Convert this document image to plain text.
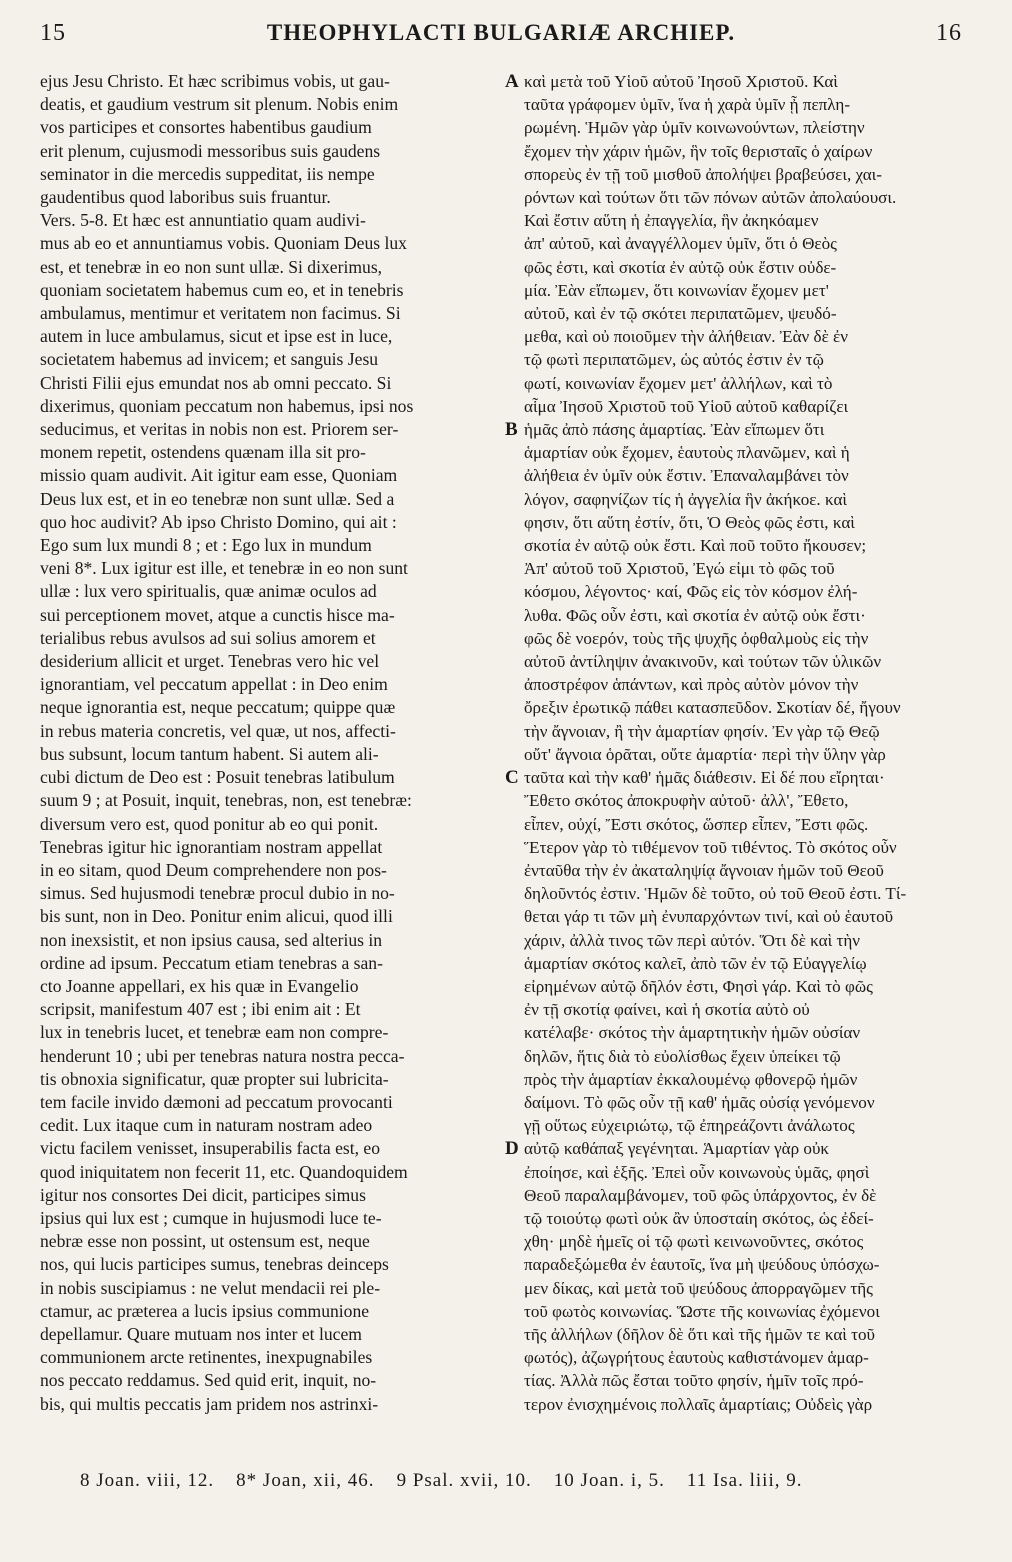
15	THEOPHYLACTI BULGARIÆ ARCHIEP.	16
ejus Jesu Christo. Et hæc scribimus vobis, ut gau-
deatis, et gaudium vestrum sit plenum. Nobis enim
vos participes et consortes habentibus gaudium
erit plenum, cujusmodi messoribus suis gaudens
seminator in die mercedis suppeditat, iis nempe
gaudentibus quod laboribus suis fruantur.
Vers. 5-8. Et hæc est annuntiatio quam audivi-
mus ab eo et annuntiamus vobis. Quoniam Deus lux
est, et tenebræ in eo non sunt ullæ. Si dixerimus,
quoniam societatem habemus cum eo, et in tenebris
ambulamus, mentimur et veritatem non facimus. Si
autem in luce ambulamus, sicut et ipse est in luce,
societatem habemus ad invicem; et sanguis Jesu
Christi Filii ejus emundat nos ab omni peccato. Si
dixerimus, quoniam peccatum non habemus, ipsi nos
seducimus, et veritas in nobis non est. Priorem ser-
monem repetit, ostendens quænam illa sit pro-
missio quam audivit. Ait igitur eam esse, Quoniam
Deus lux est, et in eo tenebræ non sunt ullæ. Sed a
quo hoc audivit? Ab ipso Christo Domino, qui ait :
Ego sum lux mundi 8 ; et : Ego lux in mundum
veni 8*. Lux igitur est ille, et tenebræ in eo non sunt
ullæ : lux vero spiritualis, quæ animæ oculos ad
sui perceptionem movet, atque a cunctis hisce ma-
terialibus rebus avulsos ad sui solius amorem et
desiderium allicit et urget. Tenebras vero hic vel
ignorantiam, vel peccatum appellat : in Deo enim
neque ignorantia est, neque peccatum; quippe quæ
in rebus materia concretis, vel quæ, ut nos, affecti-
bus subsunt, locum tantum habent. Si autem ali-
cubi dictum de Deo est : Posuit tenebras latibulum
suum 9 ; at Posuit, inquit, tenebras, non, est tenebræ:
diversum vero est, quod ponitur ab eo qui ponit.
Tenebras igitur hic ignorantiam nostram appellat
in eo sitam, quod Deum comprehendere non pos-
simus. Sed hujusmodi tenebræ procul dubio in no-
bis sunt, non in Deo. Ponitur enim alicui, quod illi
non inexsistit, et non ipsius causa, sed alterius in
ordine ad ipsum. Peccatum etiam tenebras a san-
cto Joanne appellari, ex his quæ in Evangelio
scripsit, manifestum 407 est ; ibi enim ait : Et
lux in tenebris lucet, et tenebræ eam non compre-
henderunt 10 ; ubi per tenebras natura nostra pecca-
tis obnoxia significatur, quæ propter sui lubricita-
tem facile invido dæmoni ad peccatum provocanti
cedit. Lux itaque cum in naturam nostram adeo
victu facilem venisset, insuperabilis facta est, eo
quod iniquitatem non fecerit 11, etc. Quandoquidem
igitur nos consortes Dei dicit, participes simus
ipsius qui lux est ; cumque in hujusmodi luce te-
nebræ esse non possint, ut ostensum est, neque
nos, qui lucis participes sumus, tenebras deinceps
in nobis suscipiamus : ne velut mendacii rei ple-
ctamur, ac præterea a lucis ipsius communione
depellamur. Quare mutuam nos inter et lucem
communionem arcte retinentes, inexpugnabiles
nos peccato reddamus. Sed quid erit, inquit, no-
bis, qui multis peccatis jam pridem nos astrinxi-
A

B

C

D

καὶ μετὰ τοῦ Υἱοῦ αὐτοῦ Ἰησοῦ Χριστοῦ. Καὶ
ταῦτα γράφομεν ὑμῖν, ἵνα ἡ χαρὰ ὑμῖν ᾖ πεπλη-
ρωμένη. Ἡμῶν γὰρ ὑμῖν κοινωνούντων, πλείστην
ἔχομεν τὴν χάριν ἡμῶν, ἣν τοῖς θερισταῖς ὁ χαίρων
σπορεὺς ἐν τῇ τοῦ μισθοῦ ἀπολήψει βραβεύσει, χαι-
ρόντων καὶ τούτων ὅτι τῶν πόνων αὐτῶν ἀπολαύουσι.
Καὶ ἔστιν αὕτη ἡ ἐπαγγελία, ἣν ἀκηκόαμεν
ἀπ' αὐτοῦ, καὶ ἀναγγέλλομεν ὑμῖν, ὅτι ὁ Θεὸς
φῶς ἐστι, καὶ σκοτία ἐν αὐτῷ οὐκ ἔστιν οὐδε-
μία. Ἐὰν εἴπωμεν, ὅτι κοινωνίαν ἔχομεν μετ'
αὐτοῦ, καὶ ἐν τῷ σκότει περιπατῶμεν, ψευδό-
μεθα, καὶ οὐ ποιοῦμεν τὴν ἀλήθειαν. Ἐὰν δὲ ἐν
τῷ φωτὶ περιπατῶμεν, ὡς αὐτός ἐστιν ἐν τῷ
φωτί, κοινωνίαν ἔχομεν μετ' ἀλλήλων, καὶ τὸ
αἷμα Ἰησοῦ Χριστοῦ τοῦ Υἱοῦ αὐτοῦ καθαρίζει
ἡμᾶς ἀπὸ πάσης ἁμαρτίας. Ἐὰν εἴπωμεν ὅτι
ἁμαρτίαν οὐκ ἔχομεν, ἑαυτοὺς πλανῶμεν, καὶ ἡ
ἀλήθεια ἐν ὑμῖν οὐκ ἔστιν. Ἐπαναλαμβάνει τὸν
λόγον, σαφηνίζων τίς ἡ ἀγγελία ἣν ἀκήκοε. καὶ
φησιν, ὅτι αὕτη ἐστίν, ὅτι, Ὁ Θεὸς φῶς ἐστι, καὶ
σκοτία ἐν αὐτῷ οὐκ ἔστι. Καὶ ποῦ τοῦτο ἤκουσεν;
Ἀπ' αὐτοῦ τοῦ Χριστοῦ, Ἐγώ εἰμι τὸ φῶς τοῦ
κόσμου, λέγοντος· καί, Φῶς εἰς τὸν κόσμον ἐλή-
λυθα. Φῶς οὖν ἐστι, καὶ σκοτία ἐν αὐτῷ οὐκ ἔστι·
φῶς δὲ νοερόν, τοὺς τῆς ψυχῆς ὀφθαλμοὺς εἰς τὴν
αὐτοῦ ἀντίληψιν ἀνακινοῦν, καὶ τούτων τῶν ὑλικῶν
ἀποστρέφον ἁπάντων, καὶ πρὸς αὐτὸν μόνον τὴν
ὄρεξιν ἐρωτικῷ πάθει κατασπεῦδον. Σκοτίαν δέ, ἤγουν
τὴν ἄγνοιαν, ἢ τὴν ἁμαρτίαν φησίν. Ἐν γὰρ τῷ Θεῷ
οὔτ' ἄγνοια ὁρᾶται, οὔτε ἁμαρτία· περὶ τὴν ὕλην γὰρ
ταῦτα καὶ τὴν καθ' ἡμᾶς διάθεσιν. Εἰ δέ που εἴρηται·
Ἔθετο σκότος ἀποκρυφὴν αὐτοῦ· ἀλλ', Ἔθετο,
εἶπεν, οὐχί, Ἔστι σκότος, ὥσπερ εἶπεν, Ἔστι φῶς.
Ἕτερον γὰρ τὸ τιθέμενον τοῦ τιθέντος. Τὸ σκότος οὖν
ἐνταῦθα τὴν ἐν ἀκαταληψίᾳ ἄγνοιαν ἡμῶν τοῦ Θεοῦ
δηλοῦντός ἐστιν. Ἡμῶν δὲ τοῦτο, οὐ τοῦ Θεοῦ ἐστι. Τί-
θεται γάρ τι τῶν μὴ ἐνυπαρχόντων τινί, καὶ οὐ ἑαυτοῦ
χάριν, ἀλλὰ τινος τῶν περὶ αὐτόν. Ὅτι δὲ καὶ τὴν
ἁμαρτίαν σκότος καλεῖ, ἀπὸ τῶν ἐν τῷ Εὐαγγελίῳ
εἰρημένων αὐτῷ δῆλόν ἐστι, Φησὶ γάρ. Καὶ τὸ φῶς
ἐν τῇ σκοτίᾳ φαίνει, καὶ ἡ σκοτία αὐτὸ οὐ
κατέλαβε· σκότος τὴν ἁμαρτητικὴν ἡμῶν οὐσίαν
δηλῶν, ἥτις διὰ τὸ εὐολίσθως ἔχειν ὑπείκει τῷ
πρὸς τὴν ἁμαρτίαν ἐκκαλουμένῳ φθονερῷ ἡμῶν
δαίμονι. Τὸ φῶς οὖν τῇ καθ' ἡμᾶς οὐσίᾳ γενόμενον
γῇ οὕτως εὐχειριώτῳ, τῷ ἐπηρεάζοντι ἀνάλωτος
αὐτῷ καθάπαξ γεγένηται. Ἁμαρτίαν γὰρ οὐκ
ἐποίησε, καὶ ἑξῆς. Ἐπεὶ οὖν κοινωνοὺς ὑμᾶς, φησὶ
Θεοῦ παραλαμβάνομεν, τοῦ φῶς ὑπάρχοντος, ἐν δὲ
τῷ τοιούτῳ φωτὶ οὐκ ἂν ὑποσταίη σκότος, ὡς ἐδεί-
χθη· μηδὲ ἡμεῖς οἱ τῷ φωτὶ κεινωνοῦντες, σκότος
παραδεξώμεθα ἐν ἑαυτοῖς, ἵνα μὴ ψεύδους ὑπόσχω-
μεν δίκας, καὶ μετὰ τοῦ ψεύδους ἀπορραγῶμεν τῆς
τοῦ φωτὸς κοινωνίας. Ὥστε τῆς κοινωνίας ἐχόμενοι
τῆς ἀλλήλων (δῆλον δὲ ὅτι καὶ τῆς ἡμῶν τε καὶ τοῦ
φωτός), ἀζωγρήτους ἑαυτοὺς καθιστάνομεν ἁμαρ-
τίας. Ἀλλὰ πῶς ἔσται τοῦτο φησίν, ἡμῖν τοῖς πρό-
τερον ἐνισχημένοις πολλαῖς ἁμαρτίαις; Οὐδεὶς γὰρ
8 Joan. viii, 12. 8* Joan, xii, 46. 9 Psal. xvii, 10. 10 Joan. i, 5. 11 Isa. liii, 9.
